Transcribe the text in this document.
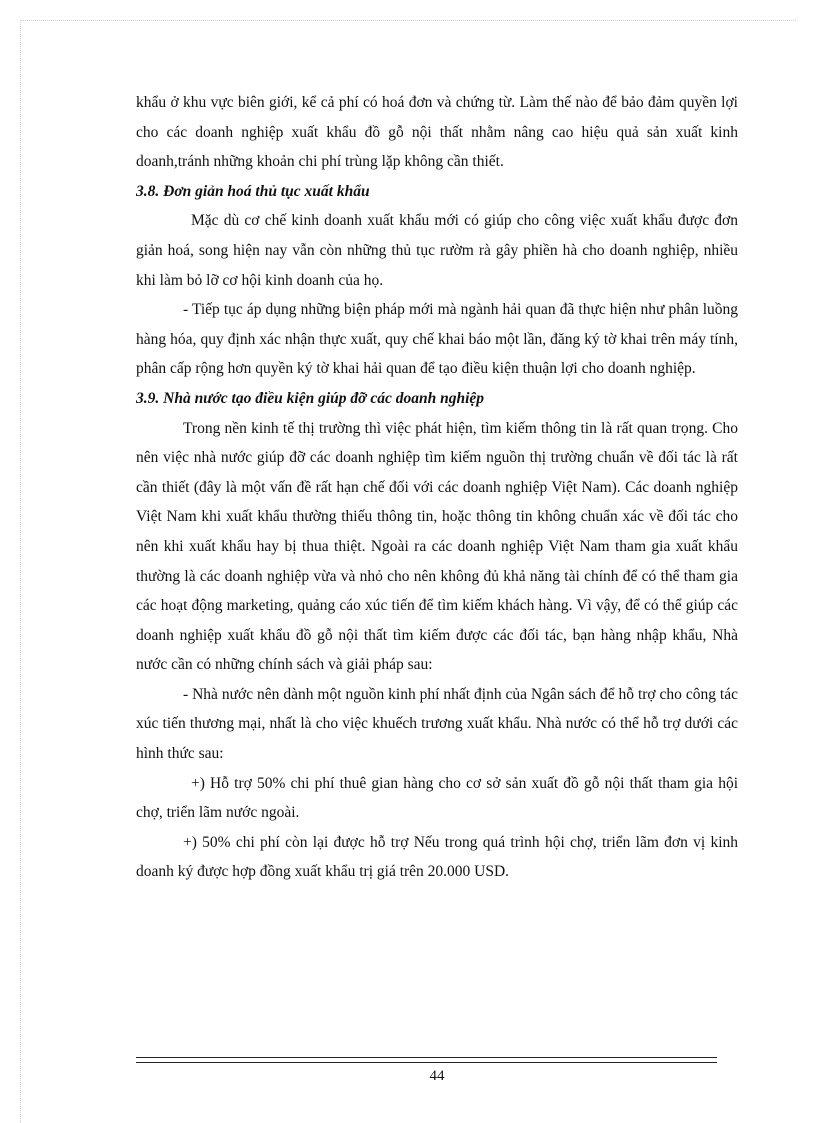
khẩu ở khu vực biên giới, kể cả phí có hoá đơn và chứng từ. Làm thế nào để bảo đảm quyền lợi cho các doanh nghiệp xuất khẩu đồ gỗ nội thất nhằm nâng cao hiệu quả sản xuất kinh doanh,tránh những khoản chi phí trùng lặp không cần thiết.

3.8. Đơn giản hoá thủ tục xuất khẩu

Mặc dù cơ chế kinh doanh xuất khẩu mới có giúp cho công việc xuất khẩu được đơn giản hoá, song hiện nay vẫn còn những thủ tục rườm rà gây phiền hà cho doanh nghiệp, nhiều khi làm bỏ lỡ cơ hội kinh doanh của họ.

- Tiếp tục áp dụng những biện pháp mới mà ngành hải quan đã thực hiện như phân luồng hàng hóa, quy định xác nhận thực xuất, quy chế khai báo một lần, đăng ký tờ khai trên máy tính, phân cấp rộng hơn quyền ký tờ khai hải quan để tạo điều kiện thuận lợi cho doanh nghiệp.

3.9. Nhà nước tạo điều kiện giúp đỡ các doanh nghiệp

Trong nền kinh tế thị trường thì việc phát hiện, tìm kiếm thông tin là rất quan trọng. Cho nên việc nhà nước giúp đỡ các doanh nghiệp tìm kiếm nguồn thị trường chuẩn về đối tác là rất cần thiết (đây là một vấn đề rất hạn chế đối với các doanh nghiệp Việt Nam). Các doanh nghiệp Việt Nam khi xuất khẩu thường thiếu thông tin, hoặc thông tin không chuẩn xác về đối tác cho nên khi xuất khẩu hay bị thua thiệt. Ngoài ra các doanh nghiệp Việt Nam tham gia xuất khẩu thường là các doanh nghiệp vừa và nhỏ cho nên không đủ khả năng tài chính để có thể tham gia các hoạt động marketing, quảng cáo xúc tiến để tìm kiếm khách hàng. Vì vậy, để có thể giúp các doanh nghiệp xuất khẩu đồ gỗ nội thất tìm kiếm được các đối tác, bạn hàng nhập khẩu, Nhà nước cần có những chính sách và giải pháp sau:

- Nhà nước nên dành một nguồn kinh phí nhất định của Ngân sách để hỗ trợ cho công tác xúc tiến thương mại, nhất là cho việc khuếch trương xuất khẩu. Nhà nước có thể hỗ trợ dưới các hình thức sau:

+) Hỗ trợ 50% chi phí thuê gian hàng cho cơ sở sản xuất đồ gỗ nội thất tham gia hội chợ, triển lãm nước ngoài.

+) 50% chi phí còn lại được hỗ trợ Nếu trong quá trình hội chợ, triển lãm đơn vị kinh doanh ký được hợp đồng xuất khẩu trị giá trên 20.000 USD.

44
